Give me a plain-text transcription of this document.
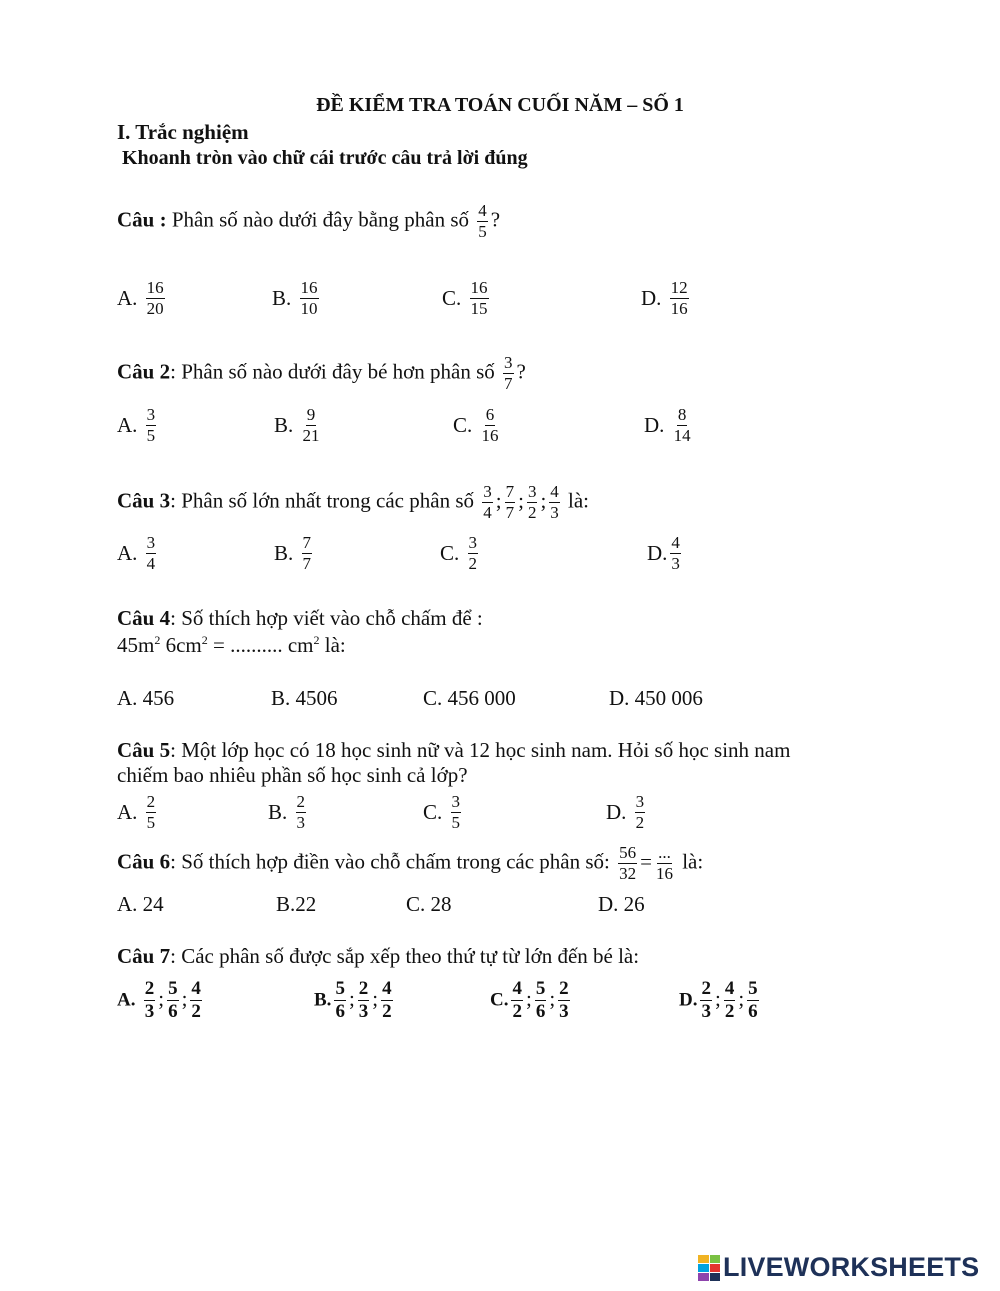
ĐỀ KIỂM TRA TOÁN CUỐI NĂM – SỐ 1
I. Trắc nghiệm
Khoanh tròn vào chữ cái trước câu trả lời đúng
Câu : Phân số nào dưới đây bằng phân số $\frac{4}{5}$ ?
A. $\frac{16}{20}$	B. $\frac{16}{10}$	C. $\frac{16}{15}$	D. $\frac{12}{16}$
Câu 2: Phân số nào dưới đây bé hơn phân số $\frac{3}{7}$ ?
A. $\frac{3}{5}$	B. $\frac{9}{21}$	C. $\frac{6}{16}$	D. $\frac{8}{14}$
Câu 3: Phân số lớn nhất trong các phân số $\frac{3}{4}$ ; $\frac{7}{7}$ ; $\frac{3}{2}$ ; $\frac{4}{3}$ là:
A. $\frac{3}{4}$	B. $\frac{7}{7}$	C. $\frac{3}{2}$	D. $\frac{4}{3}$
Câu 4: Số thích hợp viết vào chỗ chấm để :
$45m^2$ $6cm^2$ = .......... $cm^2$ là:
A. 456	B. 4506	C. 456 000	D. 450 006
Câu 5: Một lớp học có 18 học sinh nữ và 12 học sinh nam. Hỏi số học sinh nam
chiếm bao nhiêu phần số học sinh cả lớp?
A. $\frac{2}{5}$	B. $\frac{2}{3}$	C. $\frac{3}{5}$	D. $\frac{3}{2}$
Câu 6: Số thích hợp điền vào chỗ chấm trong các phân số: $\frac{56}{32} = \frac{...}{16}$ là:
A. 24	B.22	C. 28	D. 26
Câu 7: Các phân số được sắp xếp theo thứ tự từ lớn đến bé là:
A. $\frac{2}{3}$ ; $\frac{5}{6}$ ; $\frac{4}{2}$	B. $\frac{5}{6}$ ; $\frac{2}{3}$ ; $\frac{4}{2}$	C. $\frac{4}{2}$ ; $\frac{5}{6}$ ; $\frac{2}{3}$	D. $\frac{2}{3}$ ; $\frac{4}{2}$ ; $\frac{5}{6}$
LIVEWORKSHEETS
